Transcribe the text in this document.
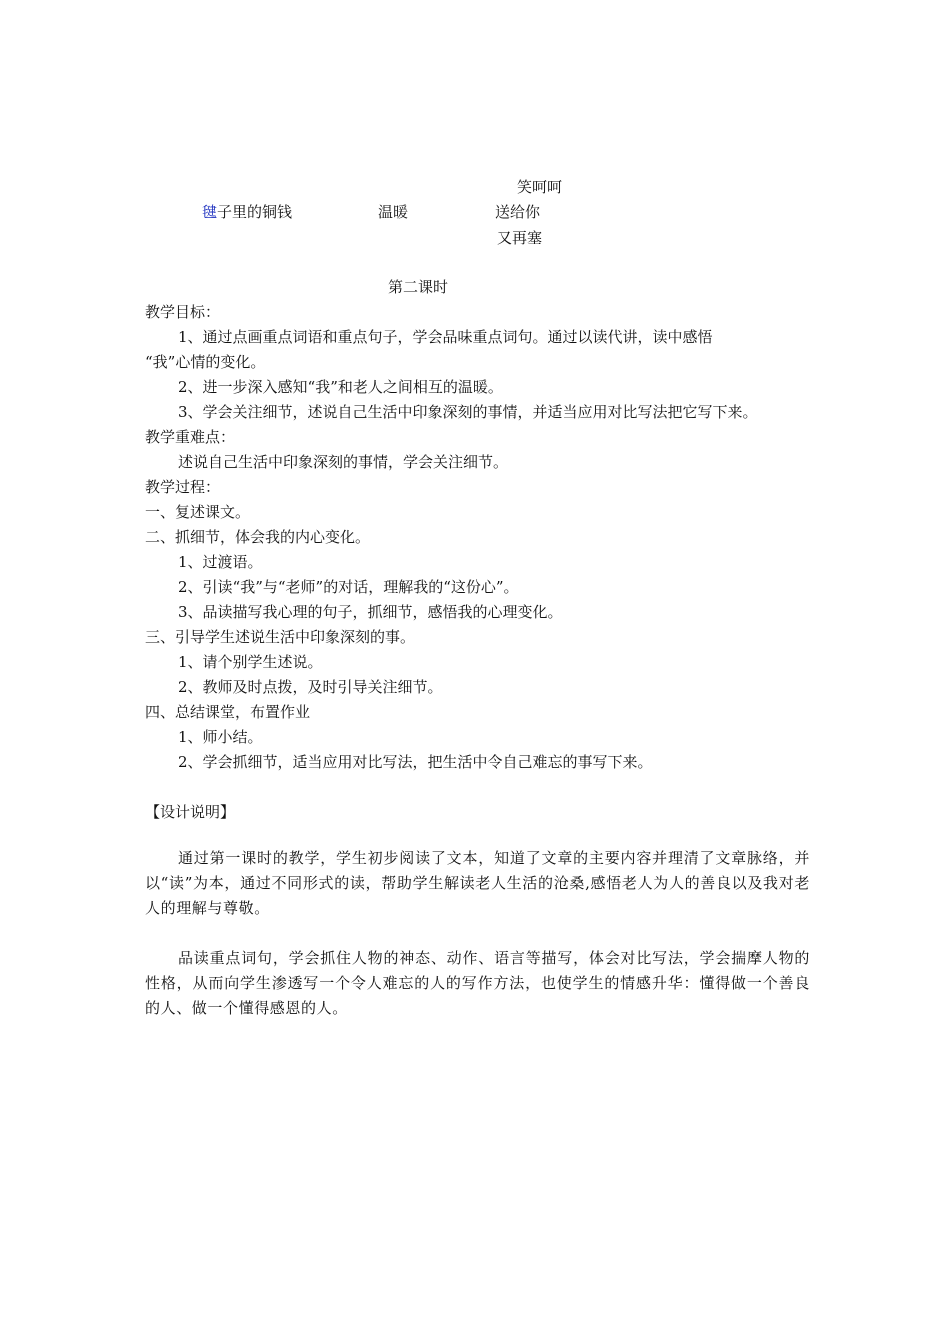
笑呵呵
毽子里的铜钱	温暖	送给你
又再塞
第二课时
教学目标：
1、通过点画重点词语和重点句子，学会品味重点词句。通过以读代讲，读中感悟
“我”心情的变化。
2、进一步深入感知“我”和老人之间相互的温暖。
3、学会关注细节，述说自己生活中印象深刻的事情，并适当应用对比写法把它写下来。
教学重难点：
述说自己生活中印象深刻的事情，学会关注细节。
教学过程：
一、复述课文。
二、抓细节，体会我的内心变化。
1、过渡语。
2、引读“我”与“老师”的对话，理解我的“这份心”。
3、品读描写我心理的句子，抓细节，感悟我的心理变化。
三、引导学生述说生活中印象深刻的事。
1、请个别学生述说。
2、教师及时点拨，及时引导关注细节。
四、总结课堂，布置作业
1、师小结。
2、学会抓细节，适当应用对比写法，把生活中令自己难忘的事写下来。
【设计说明】
通过第一课时的教学，学生初步阅读了文本，知道了文章的主要内容并理清了文章脉络，并以“读”为本，通过不同形式的读，帮助学生解读老人生活的沧桑,感悟老人为人的善良以及我对老人的理解与尊敬。
品读重点词句，学会抓住人物的神态、动作、语言等描写，体会对比写法，学会揣摩人物的性格，从而向学生渗透写一个令人难忘的人的写作方法，也使学生的情感升华：懂得做一个善良的人、做一个懂得感恩的人。
